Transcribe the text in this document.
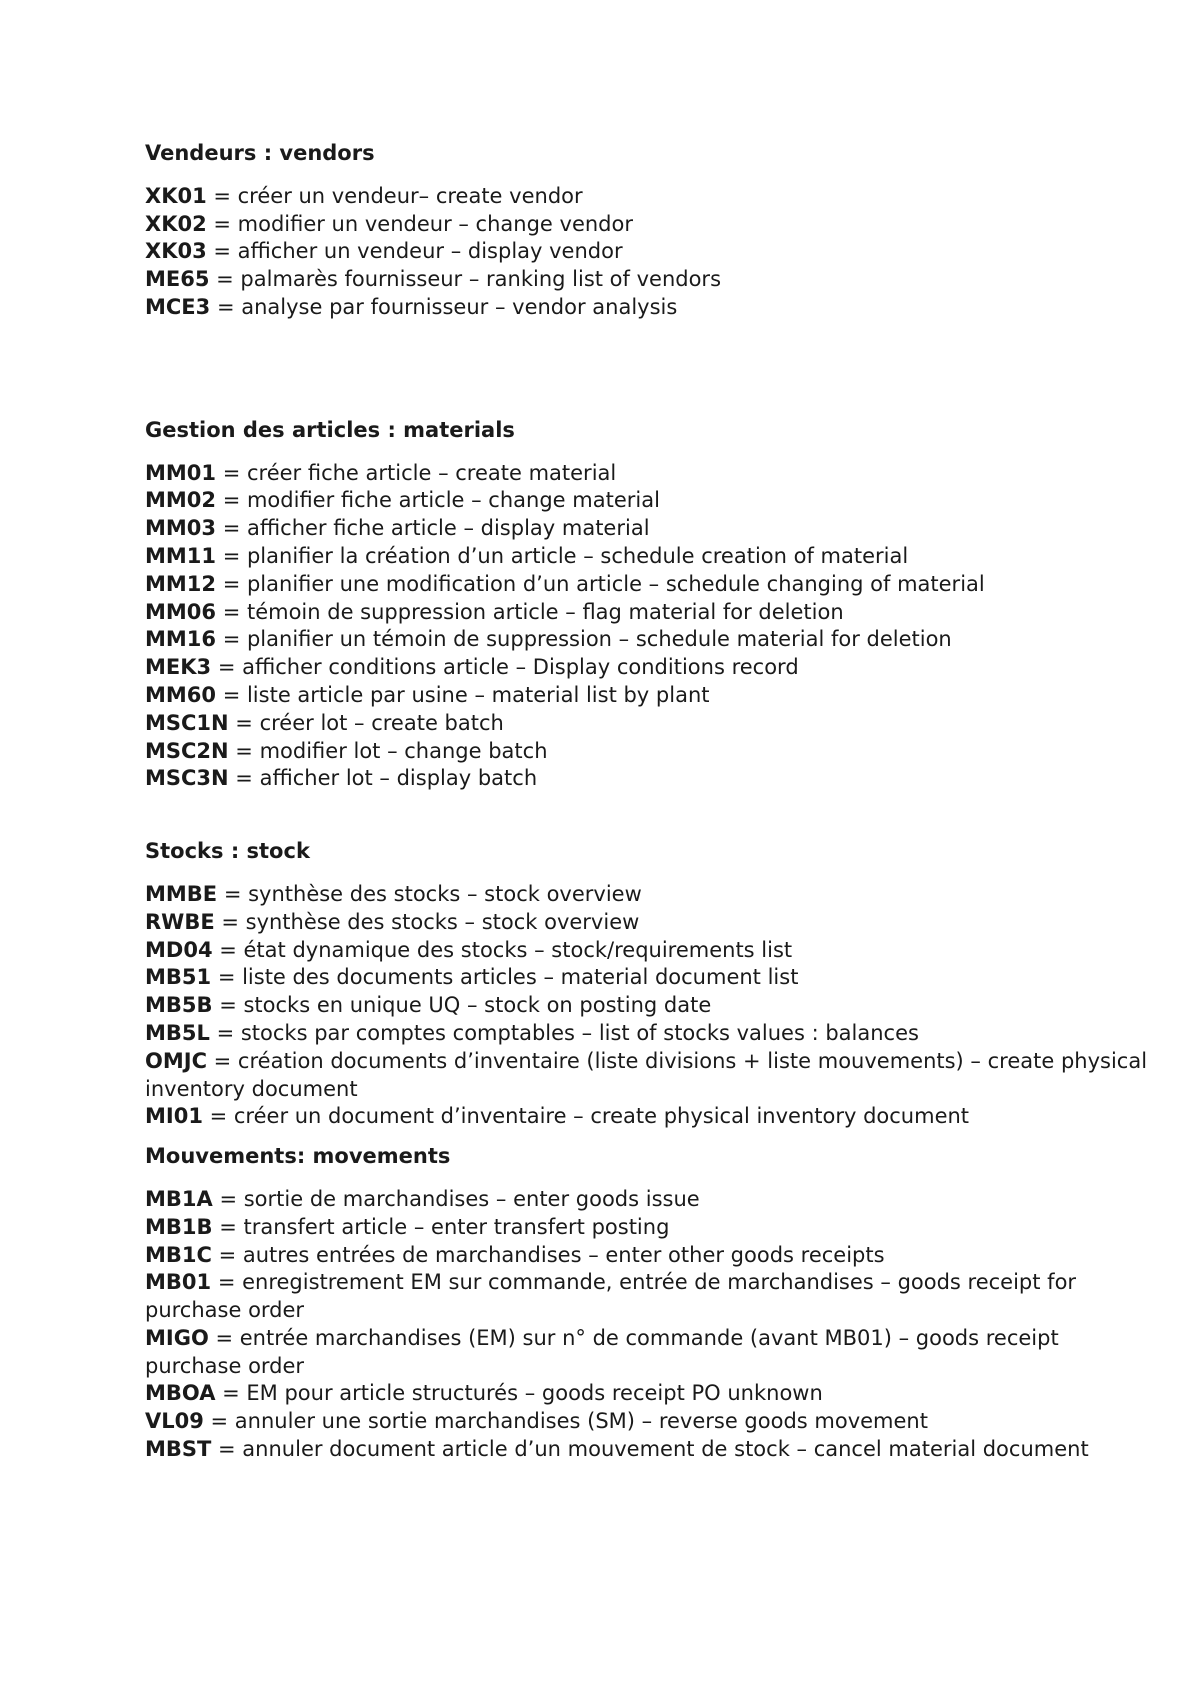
Vendeurs : vendors
XK01 = créer un vendeur– create vendor
XK02 = modifier un vendeur – change vendor
XK03 = afficher un vendeur – display vendor
ME65 = palmarès fournisseur – ranking list of vendors
MCE3 = analyse par fournisseur – vendor analysis
Gestion des articles : materials
MM01 = créer fiche article – create material
MM02 = modifier fiche article – change material
MM03 = afficher fiche article – display material
MM11 = planifier la création d’un article – schedule creation of material
MM12 = planifier une modification d’un article – schedule changing of material
MM06 = témoin de suppression article – flag material for deletion
MM16 = planifier un témoin de suppression – schedule material for deletion
MEK3 = afficher conditions article – Display conditions record
MM60 = liste article par usine – material list by plant
MSC1N = créer lot – create batch
MSC2N = modifier lot – change batch
MSC3N = afficher lot – display batch
Stocks : stock
MMBE = synthèse des stocks – stock overview
RWBE = synthèse des stocks – stock overview
MD04 = état dynamique des stocks – stock/requirements list
MB51 = liste des documents articles – material document list
MB5B = stocks en unique UQ – stock on posting date
MB5L = stocks par comptes comptables – list of stocks values : balances
OMJC = création documents d’inventaire (liste divisions + liste mouvements) – create physical inventory document
MI01 = créer un document d’inventaire – create physical inventory document
Mouvements: movements
MB1A = sortie de marchandises – enter goods issue
MB1B = transfert article – enter transfert posting
MB1C = autres entrées de marchandises – enter other goods receipts
MB01 = enregistrement EM sur commande, entrée de marchandises – goods receipt for purchase order
MIGO = entrée marchandises (EM) sur n° de commande (avant MB01) – goods receipt purchase order
MBOA = EM pour article structurés – goods receipt PO unknown
VL09 = annuler une sortie marchandises (SM) – reverse goods movement
MBST = annuler document article d’un mouvement de stock – cancel material document
